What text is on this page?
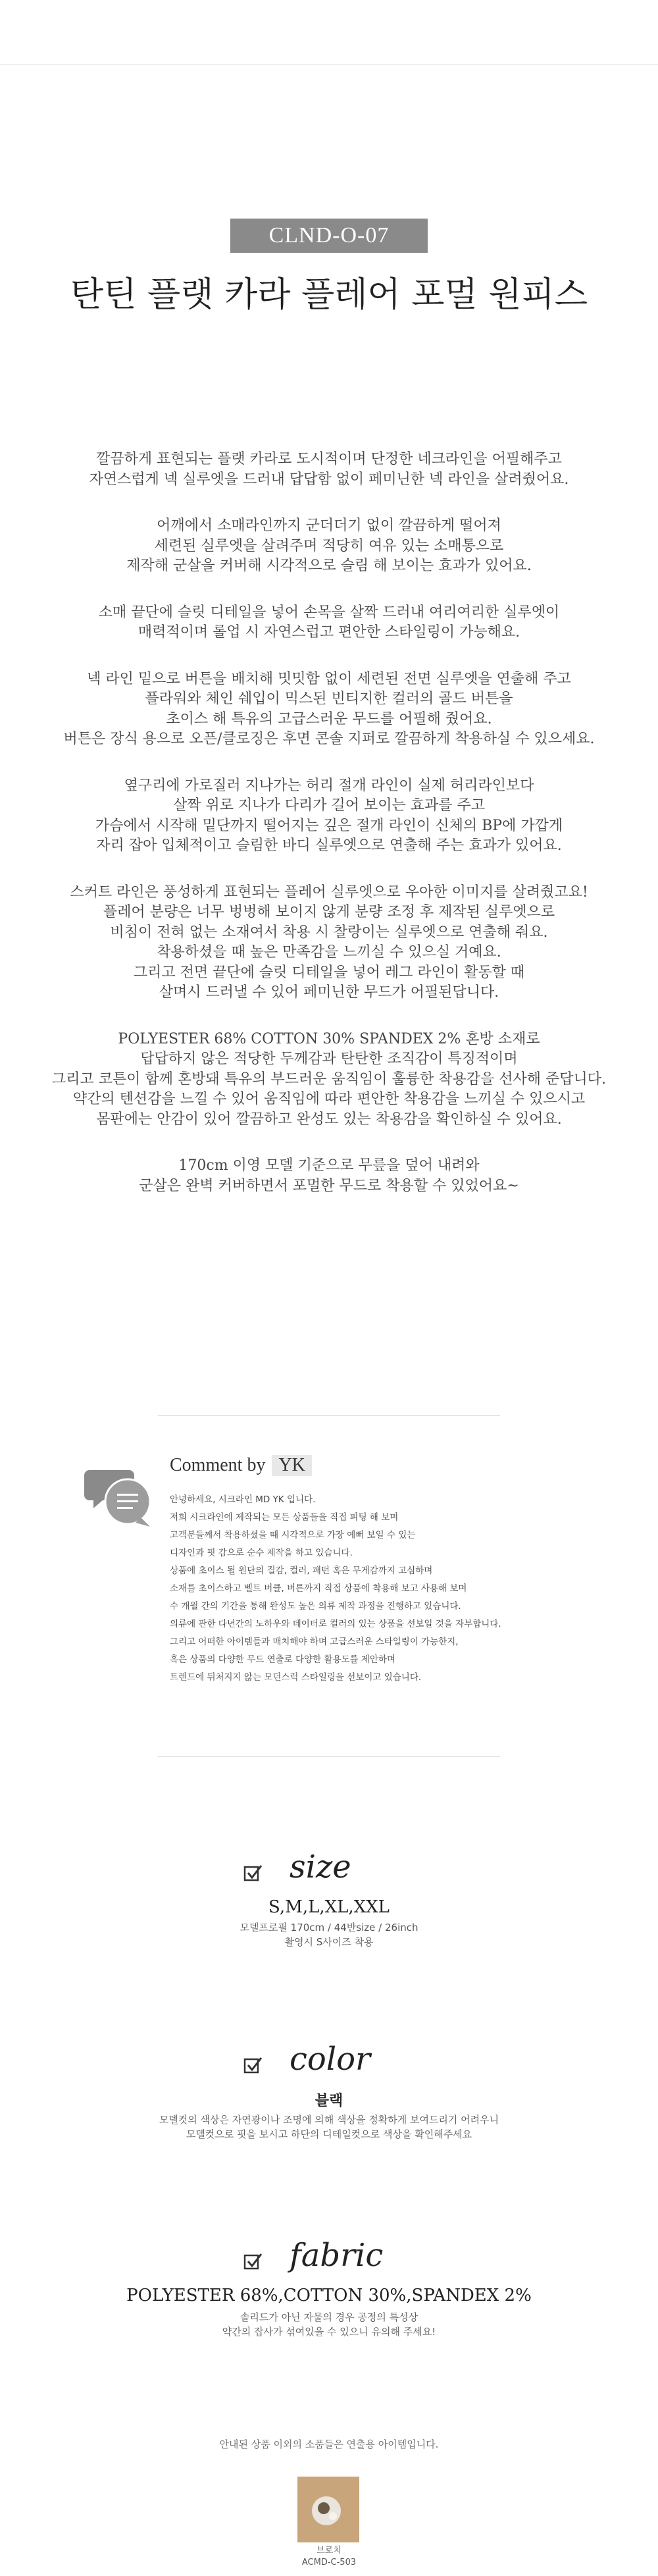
CLND-O-07
탄틴 플랫 카라 플레어 포멀 원피스

깔끔하게 표현되는 플랫 카라로 도시적이며 단정한 네크라인을 어필해주고
자연스럽게 넥 실루엣을 드러내 답답함 없이 페미닌한 넥 라인을 살려줬어요.

어깨에서 소매라인까지 군더더기 없이 깔끔하게 떨어져
세련된 실루엣을 살려주며 적당히 여유 있는 소매통으로
제작해 군살을 커버해 시각적으로 슬림 해 보이는 효과가 있어요.

소매 끝단에 슬릿 디테일을 넣어 손목을 살짝 드러내 여리여리한 실루엣이
매력적이며 롤업 시 자연스럽고 편안한 스타일링이 가능해요.

넥 라인 밑으로 버튼을 배치해 밋밋함 없이 세련된 전면 실루엣을 연출해 주고
플라워와 체인 쉐입이 믹스된 빈티지한 컬러의 골드 버튼을
초이스 해 특유의 고급스러운 무드를 어필해 줬어요.
버튼은 장식 용으로 오픈/클로징은 후면 콘솔 지퍼로 깔끔하게 착용하실 수 있으세요.

옆구리에 가로질러 지나가는 허리 절개 라인이 실제 허리라인보다
살짝 위로 지나가 다리가 길어 보이는 효과를 주고
가슴에서 시작해 밑단까지 떨어지는 깊은 절개 라인이 신체의 BP에 가깝게
자리 잡아 입체적이고 슬림한 바디 실루엣으로 연출해 주는 효과가 있어요.

스커트 라인은 풍성하게 표현되는 플레어 실루엣으로 우아한 이미지를 살려줬고요!
플레어 분량은 너무 벙벙해 보이지 않게 분량 조정 후 제작된 실루엣으로
비침이 전혀 없는 소재여서 착용 시 찰랑이는 실루엣으로 연출해 줘요.
착용하셨을 때 높은 만족감을 느끼실 수 있으실 거예요.
그리고 전면 끝단에 슬릿 디테일을 넣어 레그 라인이 활동할 때
살며시 드러낼 수 있어 페미닌한 무드가 어필된답니다.

POLYESTER 68% COTTON 30% SPANDEX 2% 혼방 소재로
답답하지 않은 적당한 두께감과 탄탄한 조직감이 특징적이며
그리고 코튼이 함께 혼방돼 특유의 부드러운 움직임이 훌륭한 착용감을 선사해 준답니다.
약간의 텐션감을 느낄 수 있어 움직임에 따라 편안한 착용감을 느끼실 수 있으시고
몸판에는 안감이 있어 깔끔하고 완성도 있는 착용감을 확인하실 수 있어요.

170cm 이영 모델 기준으로 무릎을 덮어 내려와
군살은 완벽 커버하면서 포멀한 무드로 착용할 수 있었어요~

Comment by YK
안녕하세요, 시크라인 MD YK 입니다.
저희 시크라인에 제작되는 모든 상품들을 직접 피팅 해 보며
고객분들께서 착용하셨을 때 시각적으로 가장 예뻐 보일 수 있는
디자인과 핏 감으로 순수 제작을 하고 있습니다.
상품에 초이스 될 원단의 질감, 컬러, 패턴 혹은 무게감까지 고심하며
소재를 초이스하고 벨트 버클, 버튼까지 직접 상품에 착용해 보고 사용해 보며
수 개월 간의 기간을 통해 완성도 높은 의류 제작 과정을 진행하고 있습니다.
의류에 관한 다년간의 노하우와 데이터로 컬러의 있는 상품을 선보일 것을 자부합니다.
그리고 어떠한 아이템들과 매치해야 하며 고급스러운 스타일링이 가능한지,
혹은 상품의 다양한 무드 연출로 다양한 활용도를 제안하며
트렌드에 뒤처지지 않는 모던스럭 스타일링을 선보이고 있습니다.
size
S,M,L,XL,XXL
모델프로필 170cm / 44반size / 26inch
촬영시 S사이즈 착용
color
블랙
모델컷의 색상은 자연광이나 조명에 의해 색상을 정확하게 보여드리기 어려우니
모델컷으로 핏을 보시고 하단의 디테일컷으로 색상을 확인해주세요
fabric
POLYESTER 68%,COTTON 30%,SPANDEX 2%
솔리드가 아닌 자물의 경우 공정의 특성상
약간의 잡사가 섞여있을 수 있으니 유의해 주세요!
안내된 상품 이외의 소품들은 연출용 아이템입니다.
브로치
ACMD-C-503
